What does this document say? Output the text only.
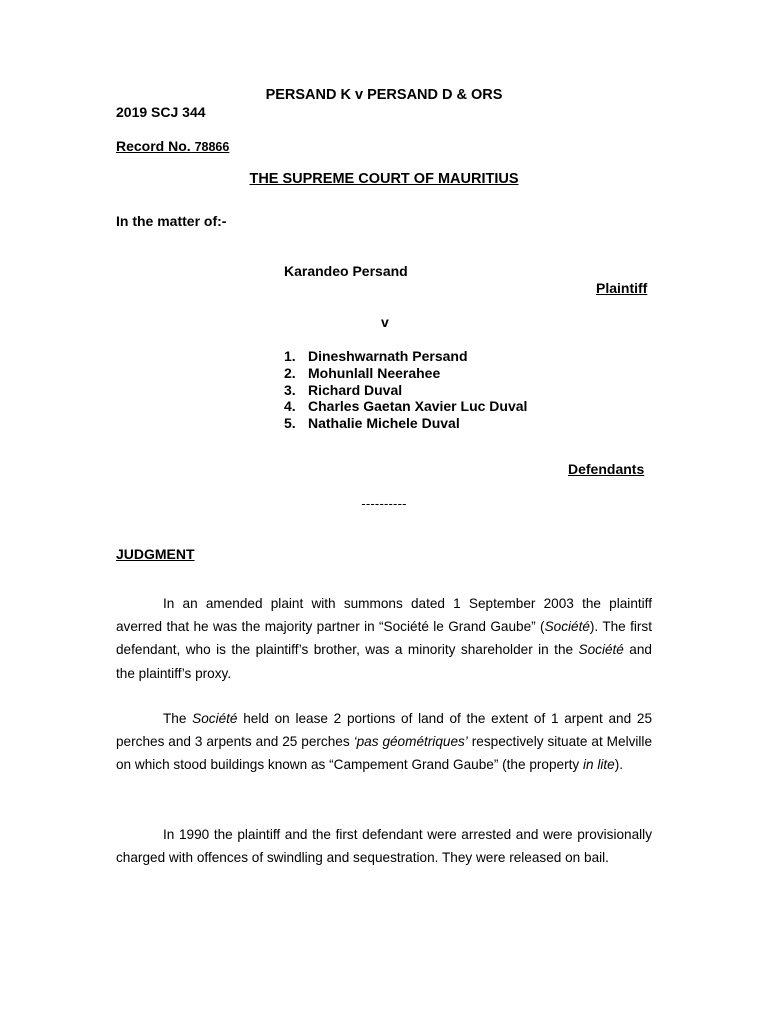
PERSAND K v PERSAND D & ORS
2019 SCJ 344
Record No. 78866
THE SUPREME COURT OF MAURITIUS
In the matter of:-
Karandeo Persand
Plaintiff
v
1. Dineshwarnath Persand
2. Mohunlall Neerahee
3. Richard Duval
4. Charles Gaetan Xavier Luc Duval
5. Nathalie Michele Duval
Defendants
----------
JUDGMENT

In an amended plaint with summons dated 1 September 2003 the plaintiff averred that he was the majority partner in “Société le Grand Gaube” (Société). The first defendant, who is the plaintiff’s brother, was a minority shareholder in the Société and the plaintiff’s proxy.

The Société held on lease 2 portions of land of the extent of 1 arpent and 25 perches and 3 arpents and 25 perches ‘pas géométriques’ respectively situate at Melville on which stood buildings known as “Campement Grand Gaube” (the property in lite).

In 1990 the plaintiff and the first defendant were arrested and were provisionally charged with offences of swindling and sequestration. They were released on bail.
